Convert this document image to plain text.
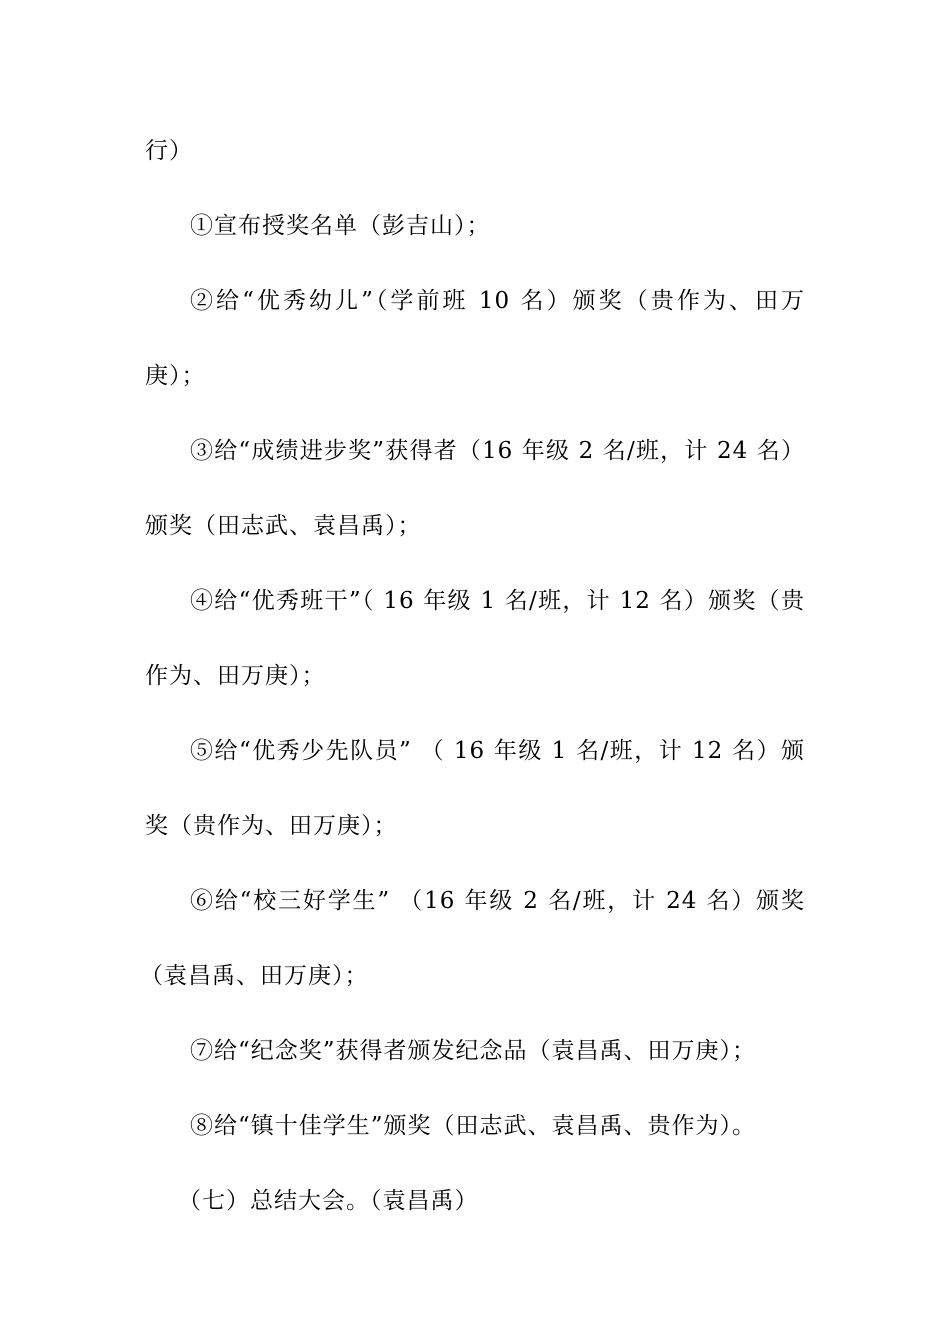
行）
①宣布授奖名单（彭吉山）；
②给“优秀幼儿”（学前班 10 名）颁奖（贵作为、田万
庚）；
③给“成绩进步奖”获得者（16 年级 2 名/班，计 24 名）
颁奖（田志武、袁昌禹）；
④给“优秀班干”（ 16 年级 1 名/班，计 12 名）颁奖（贵
作为、田万庚）；
⑤给“优秀少先队员” （ 16 年级 1 名/班，计 12 名）颁
奖（贵作为、田万庚）；
⑥给“校三好学生” （16 年级 2 名/班，计 24 名）颁奖
（袁昌禹、田万庚）；
⑦给“纪念奖”获得者颁发纪念品（袁昌禹、田万庚）；
⑧给“镇十佳学生”颁奖（田志武、袁昌禹、贵作为）。
（七）总结大会。（袁昌禹）
